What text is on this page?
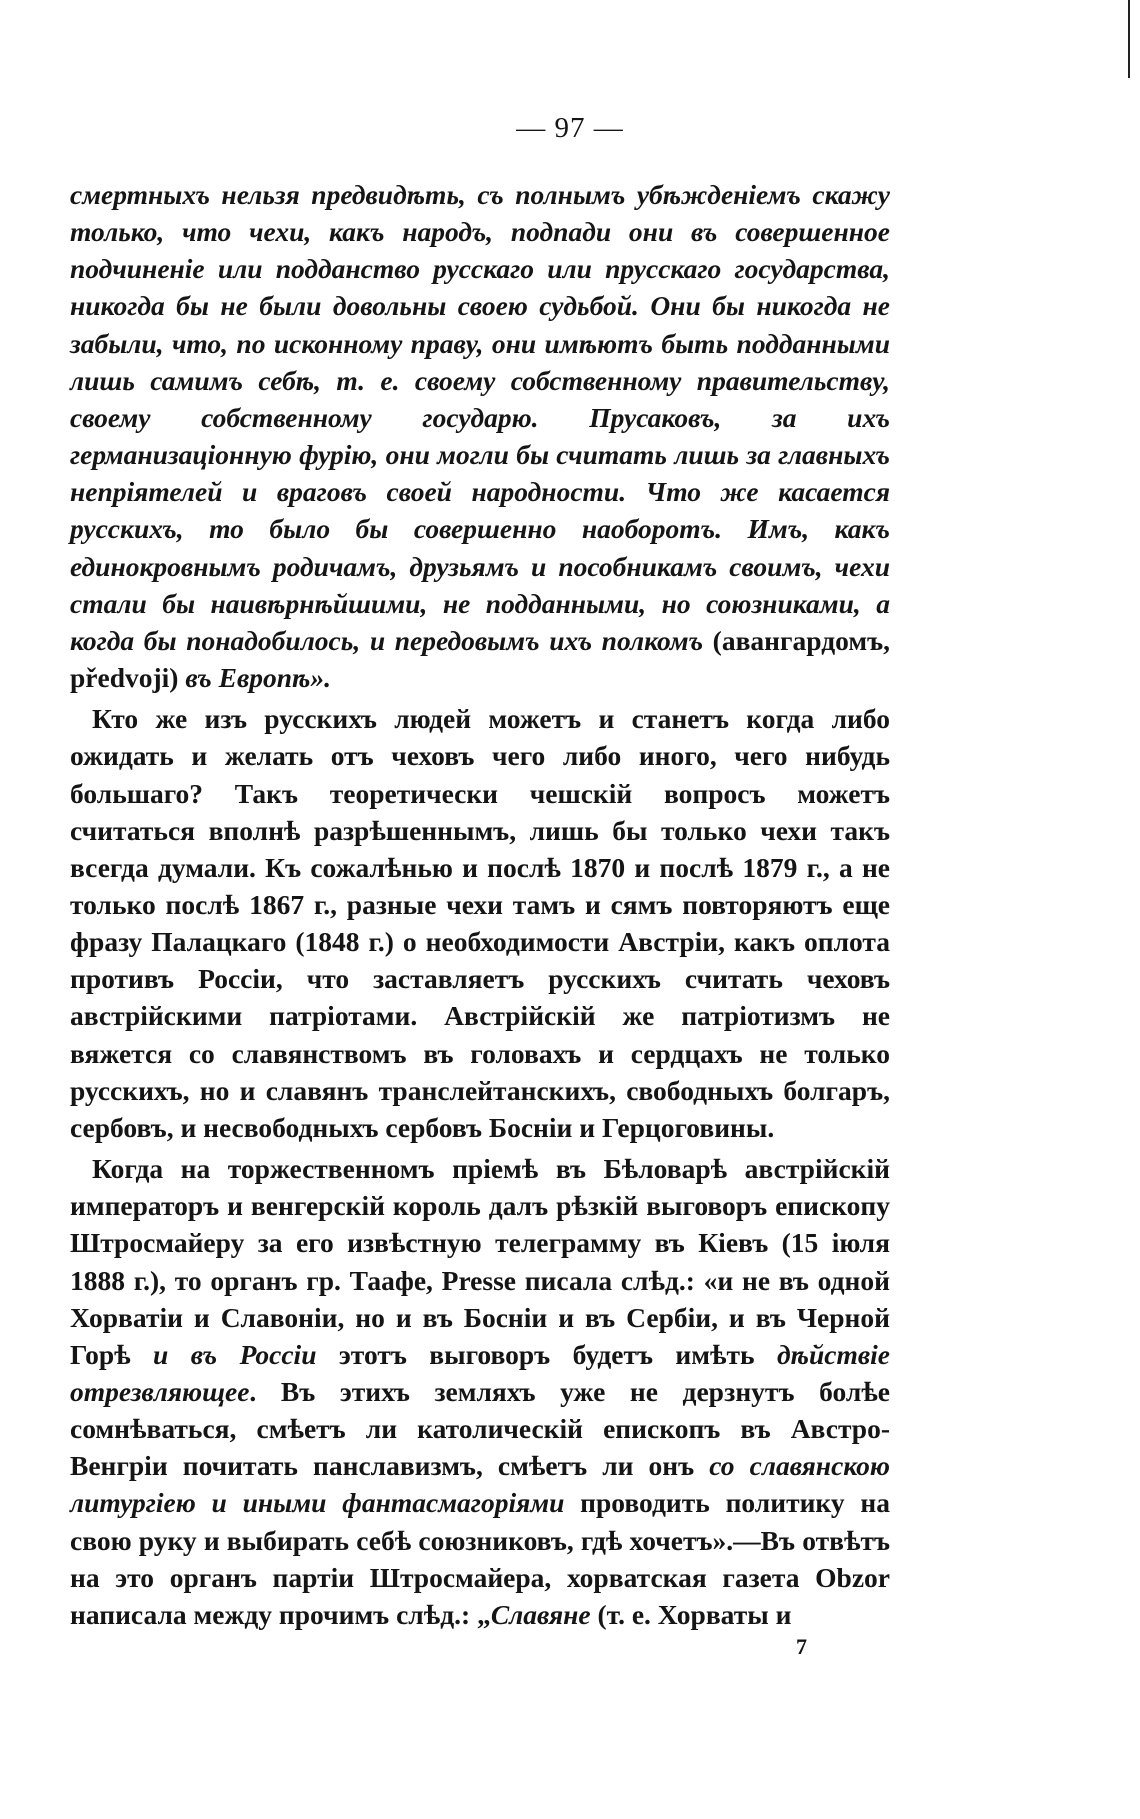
— 97 —

смертныхъ нельзя предвидѣть, съ полнымъ убѣжденіемъ скажу только, что чехи, какъ народъ, подпади они въ совершенное подчиненіе или подданство русскаго или прусскаго государства, никогда бы не были довольны своею судьбой. Они бы никогда не забыли, что, по исконному праву, они имѣютъ быть подданными лишь самимъ себѣ, т. е. своему собственному правительству, своему собственному государю. Прусаковъ, за ихъ германизаціонную фурію, они могли бы считать лишь за главныхъ непріятелей и враговъ своей народности. Что же касается русскихъ, то было бы совершенно наоборотъ. Имъ, какъ единокровнымъ родичамъ, друзьямъ и пособникамъ своимъ, чехи стали бы наивѣрнѣйшими, не подданными, но союзниками, а когда бы понадобилось, и передовымъ ихъ полкомъ (авангардомъ, předvoji) въ Европѣ».

Кто же изъ русскихъ людей можетъ и станетъ когда либо ожидать и желать отъ чеховъ чего либо иного, чего нибудь большаго? Такъ теоретически чешскій вопросъ можетъ считаться вполнѣ разрѣшеннымъ, лишь бы только чехи такъ всегда думали. Къ сожалѣнью и послѣ 1870 и послѣ 1879 г., а не только послѣ 1867 г., разные чехи тамъ и сямъ повторяютъ еще фразу Палацкаго (1848 г.) о необходимости Австріи, какъ оплота противъ Россіи, что заставляетъ русскихъ считать чеховъ австрійскими патріотами. Австрійскій же патріотизмъ не вяжется со славянствомъ въ головахъ и сердцахъ не только русскихъ, но и славянъ транслейтанскихъ, свободныхъ болгаръ, сербовъ, и несвободныхъ сербовъ Босніи и Герцоговины.

Когда на торжественномъ пріемѣ въ Бѣловарѣ австрійскій императоръ и венгерскій король далъ рѣзкій выговоръ епископу Штросмайеру за его извѣстную телеграмму въ Кіевъ (15 іюля 1888 г.), то органъ гр. Таафе, Presse писала слѣд.: «и не въ одной Хорватіи и Славоніи, но и въ Босніи и въ Сербіи, и въ Черной Горѣ и въ Россіи этотъ выговоръ будетъ имѣть дѣйствіе отрезвляющее. Въ этихъ земляхъ уже не дерзнутъ болѣе сомнѣваться, смѣетъ ли католическій епископъ въ Австро-Венгріи почитать панславизмъ, смѣетъ ли онъ со славянскою литургіею и иными фантасмагоріями проводить политику на свою руку и выбирать себѣ союзниковъ, гдѣ хочетъ».—Въ отвѣтъ на это органъ партіи Штросмайера, хорватская газета Obzor написала между прочимъ слѣд.: „Славяне (т. е. Хорваты и

7
